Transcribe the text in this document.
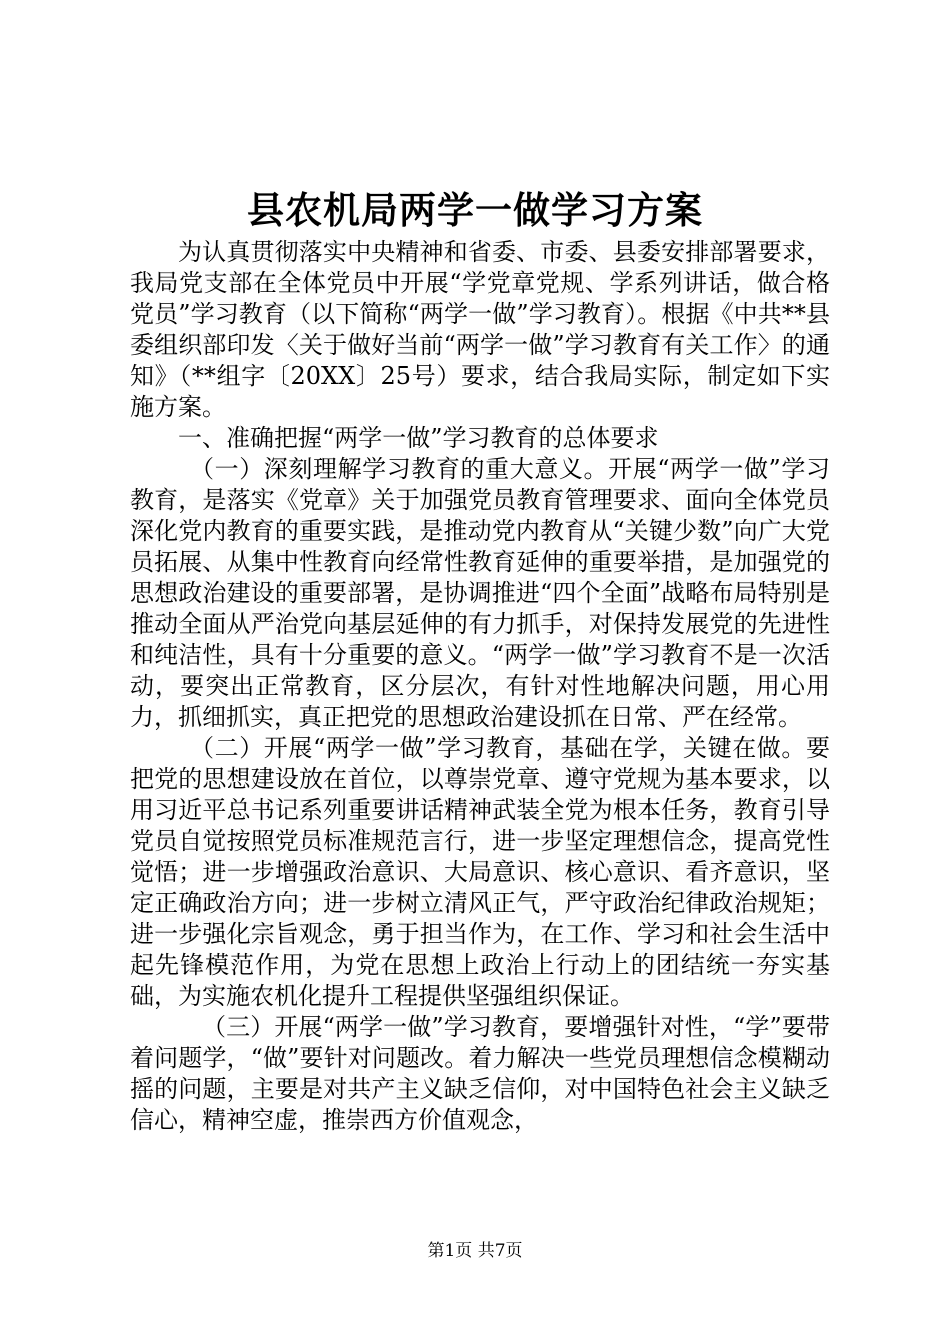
县农机局两学一做学习方案

为认真贯彻落实中央精神和省委、市委、县委安排部署要求，我局党支部在全体党员中开展“学党章党规、学系列讲话，做合格党员”学习教育（以下简称“两学一做”学习教育）。根据《中共**县委组织部印发〈关于做好当前“两学一做”学习教育有关工作〉的通知》（**组字〔20XX〕25号）要求，结合我局实际，制定如下实施方案。

一、准确把握“两学一做”学习教育的总体要求

（一）深刻理解学习教育的重大意义。开展“两学一做”学习教育，是落实《党章》关于加强党员教育管理要求、面向全体党员深化党内教育的重要实践，是推动党内教育从“关键少数”向广大党员拓展、从集中性教育向经常性教育延伸的重要举措，是加强党的思想政治建设的重要部署，是协调推进“四个全面”战略布局特别是推动全面从严治党向基层延伸的有力抓手，对保持发展党的先进性和纯洁性，具有十分重要的意义。“两学一做”学习教育不是一次活动，要突出正常教育，区分层次，有针对性地解决问题，用心用力，抓细抓实，真正把党的思想政治建设抓在日常、严在经常。

（二）开展“两学一做”学习教育，基础在学，关键在做。要把党的思想建设放在首位，以尊崇党章、遵守党规为基本要求，以用习近平总书记系列重要讲话精神武装全党为根本任务，教育引导党员自觉按照党员标准规范言行，进一步坚定理想信念，提高党性觉悟；进一步增强政治意识、大局意识、核心意识、看齐意识，坚定正确政治方向；进一步树立清风正气，严守政治纪律政治规矩；进一步强化宗旨观念，勇于担当作为，在工作、学习和社会生活中起先锋模范作用，为党在思想上政治上行动上的团结统一夯实基础，为实施农机化提升工程提供坚强组织保证。

（三）开展“两学一做”学习教育，要增强针对性，“学”要带着问题学，“做”要针对问题改。着力解决一些党员理想信念模糊动摇的问题，主要是对共产主义缺乏信仰，对中国特色社会主义缺乏信心，精神空虚，推崇西方价值观念，

第1页 共7页
